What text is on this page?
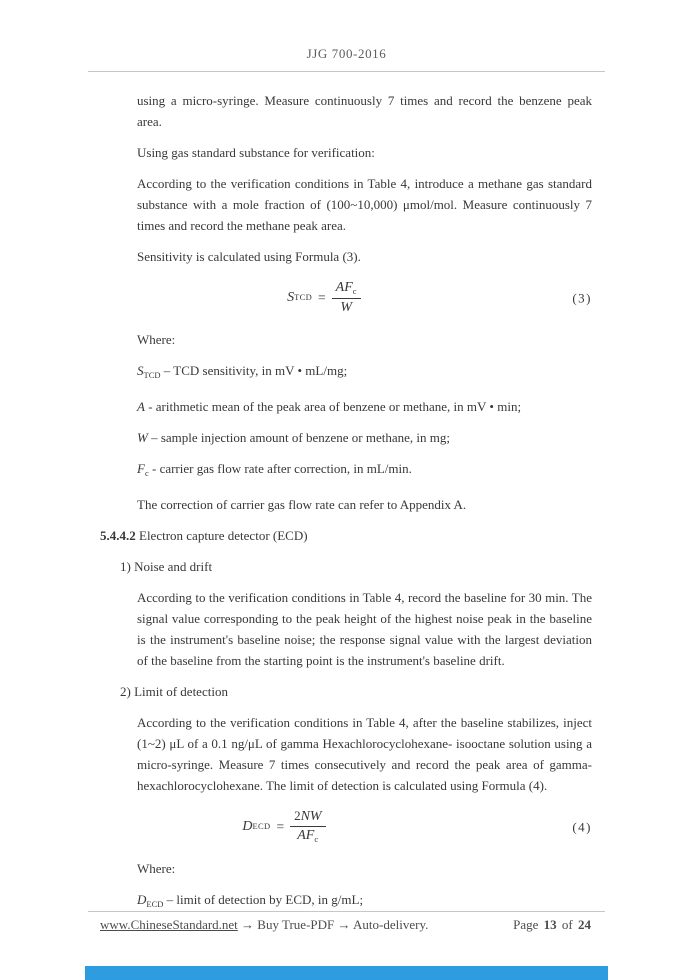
JJG 700-2016

using a micro-syringe. Measure continuously 7 times and record the benzene peak area.

Using gas standard substance for verification:

According to the verification conditions in Table 4, introduce a methane gas standard substance with a mole fraction of (100~10,000) μmol/mol. Measure continuously 7 times and record the methane peak area.

Sensitivity is calculated using Formula (3).

S TCD = $\frac{AF_c}{W}$	(3)

Where:

$S_{TCD}$ – TCD sensitivity, in mV • mL/mg;

A - arithmetic mean of the peak area of benzene or methane, in mV • min;

W – sample injection amount of benzene or methane, in mg;

$F_c$ - carrier gas flow rate after correction, in mL/min.

The correction of carrier gas flow rate can refer to Appendix A.

5.4.4.2 Electron capture detector (ECD)

1) Noise and drift

According to the verification conditions in Table 4, record the baseline for 30 min. The signal value corresponding to the peak height of the highest noise peak in the baseline is the instrument's baseline noise; the response signal value with the largest deviation of the baseline from the starting point is the instrument's baseline drift.

2) Limit of detection

According to the verification conditions in Table 4, after the baseline stabilizes, inject (1~2) μL of a 0.1 ng/μL of gamma Hexachlorocyclohexane- isooctane solution using a micro-syringe. Measure 7 times consecutively and record the peak area of gamma-hexachlorocyclohexane. The limit of detection is calculated using Formula (4).

D ECD = $\frac{2NW}{AF_c}$	(4)

Where:

$D_{ECD}$ – limit of detection by ECD, in g/mL;

www.ChineseStandard.net → Buy True-PDF → Auto-delivery.	Page 13 of 24
